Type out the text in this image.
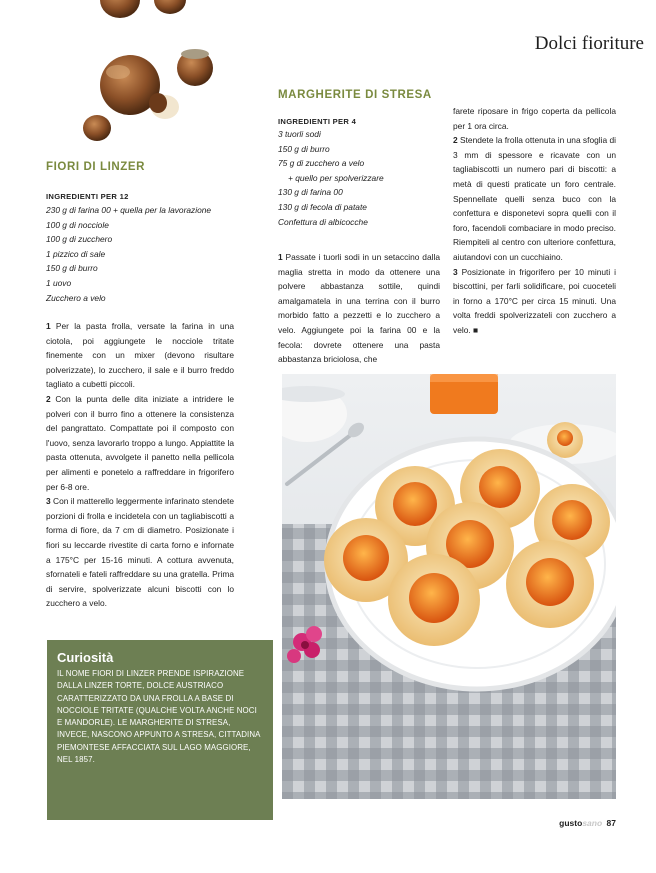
Dolci fioriture
FIORI DI LINZER
INGREDIENTI PER 12
230 g di farina 00 + quella per la lavorazione
100 g di nocciole
100 g di zucchero
1 pizzico di sale
150 g di burro
1 uovo
Zucchero a velo

1 Per la pasta frolla, versate la farina in una ciotola, poi aggiungete le nocciole tritate finemente con un mixer (devono risultare polverizzate), lo zucchero, il sale e il burro freddo tagliato a cubetti piccoli.

2 Con la punta delle dita iniziate a intridere le polveri con il burro fino a ottenere la consistenza del pangrattato. Compattate poi il composto con l'uovo, senza lavorarlo troppo a lungo. Appiattite la pasta ottenuta, avvolgete il panetto nella pellicola per alimenti e ponetelo a raffreddare in frigorifero per 6-8 ore.

3 Con il matterello leggermente infarinato stendete porzioni di frolla e incidetela con un tagliabiscotti a forma di fiore, da 7 cm di diametro. Posizionate i fiori su leccarde rivestite di carta forno e infornate a 175°C per 15-16 minuti. A cottura avvenuta, sfornateli e fateli raffreddare su una gratella. Prima di servire, spolverizzate alcuni biscotti con lo zucchero a velo.

Curiosità

IL NOME FIORI DI LINZER PRENDE ISPIRAZIONE DALLA LINZER TORTE, DOLCE AUSTRIACO CARATTERIZZATO DA UNA FROLLA A BASE DI NOCCIOLE TRITATE (QUALCHE VOLTA ANCHE NOCI E MANDORLE). LE MARGHERITE DI STRESA, INVECE, NASCONO APPUNTO A STRESA, CITTADINA PIEMONTESE AFFACCIATA SUL LAGO MAGGIORE, NEL 1857.

MARGHERITE DI STRESA
INGREDIENTI PER 4
3 tuorli sodi
150 g di burro
75 g di zucchero a velo
+ quello per spolverizzare
130 g di farina 00
130 g di fecola di patate
Confettura di albicocche

1 Passate i tuorli sodi in un setaccino dalla maglia stretta in modo da ottenere una polvere abbastanza sottile, quindi amalgamatela in una terrina con il burro morbido fatto a pezzetti e lo zucchero a velo. Aggiungete poi la farina 00 e la fecola: dovrete ottenere una pasta abbastanza briciolosa, che

farete riposare in frigo coperta da pellicola per 1 ora circa.

2 Stendete la frolla ottenuta in una sfoglia di 3 mm di spessore e ricavate con un tagliabiscotti un numero pari di biscotti: a metà di questi praticate un foro centrale. Spennellate quelli senza buco con la confettura e disponetevi sopra quelli con il foro, facendoli combaciare in modo preciso. Riempiteli al centro con ulteriore confettura, aiutandovi con un cucchiaino.

3 Posizionate in frigorifero per 10 minuti i biscottini, per farli solidificare, poi cuoceteli in forno a 170°C per circa 15 minuti. Una volta freddi spolverizzateli con zucchero a velo. ■

gustosano 87
